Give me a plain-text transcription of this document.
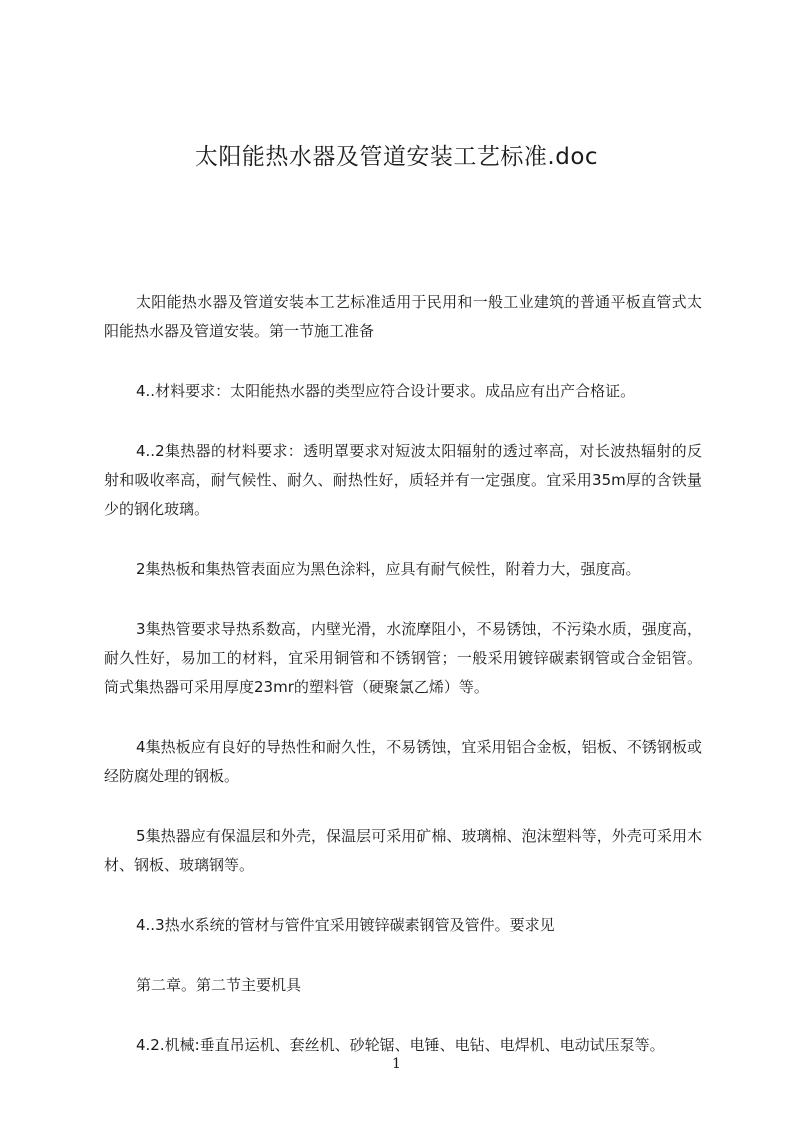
太阳能热水器及管道安装工艺标准.doc

太阳能热水器及管道安装本工艺标准适用于民用和一般工业建筑的普通平板直管式太阳能热水器及管道安装。第一节施工准备

4..材料要求：太阳能热水器的类型应符合设计要求。成品应有出产合格证。

4..2集热器的材料要求：透明罩要求对短波太阳辐射的透过率高，对长波热辐射的反射和吸收率高，耐气候性、耐久、耐热性好，质轻并有一定强度。宜采用35m厚的含铁量少的钢化玻璃。

2集热板和集热管表面应为黑色涂料，应具有耐气候性，附着力大，强度高。

3集热管要求导热系数高，内壁光滑，水流摩阻小，不易锈蚀，不污染水质，强度高，耐久性好，易加工的材料，宜采用铜管和不锈钢管；一般采用镀锌碳素钢管或合金铝管。筒式集热器可采用厚度23mr的塑料管（硬聚氯乙烯）等。

4集热板应有良好的导热性和耐久性，不易锈蚀，宜采用铝合金板，铝板、不锈钢板或经防腐处理的钢板。

5集热器应有保温层和外壳，保温层可采用矿棉、玻璃棉、泡沫塑料等，外壳可采用木材、钢板、玻璃钢等。

4..3热水系统的管材与管件宜采用镀锌碳素钢管及管件。要求见

第二章。第二节主要机具

4.2.机械:垂直吊运机、套丝机、砂轮锯、电锤、电钻、电焊机、电动试压泵等。

1
